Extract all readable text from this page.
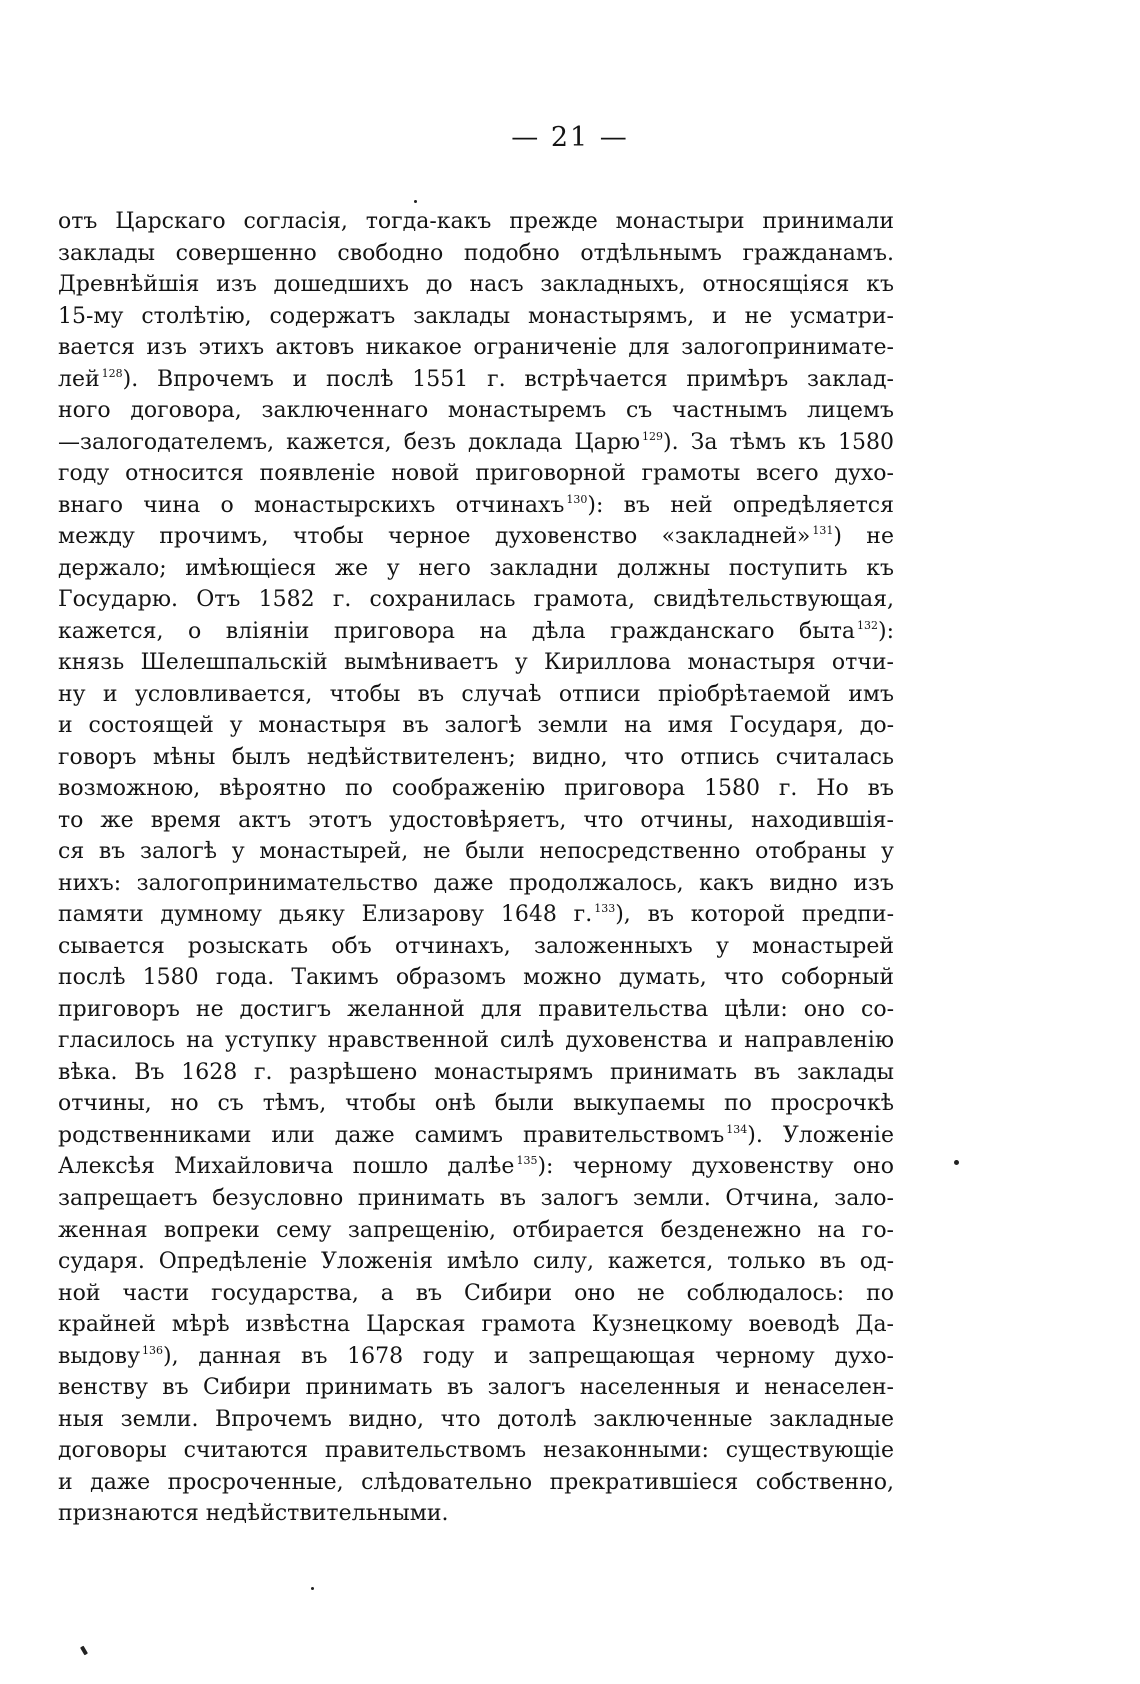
— 21 —
отъ Царскаго согласія, тогда-какъ прежде монастыри принимали
заклады совершенно свободно подобно отдѣльнымъ гражданамъ.
Древнѣйшія изъ дошедшихъ до насъ закладныхъ, относящіяся къ
15-му столѣтію, содержатъ заклады монастырямъ, и не усматри-
вается изъ этихъ актовъ никакое ограниченіе для залогопринимате-
лей $^{128}$). Впрочемъ и послѣ 1551 г. встрѣчается примѣръ заклад-
ного договора, заключеннаго монастыремъ съ частнымъ лицемъ
—залогодателемъ, кажется, безъ доклада Царю $^{129}$). За тѣмъ къ 1580
году относится появленіе новой приговорной грамоты всего духо-
внаго чина о монастырскихъ отчинахъ $^{130}$): въ ней опредѣляется
между прочимъ, чтобы черное духовенство «закладней» $^{131}$) не
держало; имѣющіеся же у него закладни должны поступить къ
Государю. Отъ 1582 г. сохранилась грамота, свидѣтельствующая,
кажется, о вліяніи приговора на дѣла гражданскаго быта $^{132}$):
князь Шелешпальскій вымѣниваетъ у Кириллова монастыря отчи-
ну и условливается, чтобы въ случаѣ отписи пріобрѣтаемой имъ
и состоящей у монастыря въ залогѣ земли на имя Государя, до-
говоръ мѣны былъ недѣйствителенъ; видно, что отпись считалась
возможною, вѣроятно по соображенію приговора 1580 г. Но въ
то же время актъ этотъ удостовѣряетъ, что отчины, находившія-
ся въ залогѣ у монастырей, не были непосредственно отобраны у
нихъ: залогопринимательство даже продолжалось, какъ видно изъ
памяти думному дьяку Елизарову 1648 г. $^{133}$), въ которой предпи-
сывается розыскать объ отчинахъ, заложенныхъ у монастырей
послѣ 1580 года. Такимъ образомъ можно думать, что соборный
приговоръ не достигъ желанной для правительства цѣли: оно со-
гласилось на уступку нравственной силѣ духовенства и направленію
вѣка. Въ 1628 г. разрѣшено монастырямъ принимать въ заклады
отчины, но съ тѣмъ, чтобы онѣ были выкупаемы по просрочкѣ
родственниками или даже самимъ правительствомъ $^{134}$). Уложеніе
Алексѣя Михайловича пошло далѣе $^{135}$): черному духовенству оно
запрещаетъ безусловно принимать въ залогъ земли. Отчина, зало-
женная вопреки сему запрещенію, отбирается безденежно на го-
сударя. Опредѣленіе Уложенія имѣло силу, кажется, только въ од-
ной части государства, а въ Сибири оно не соблюдалось: по
крайней мѣрѣ извѣстна Царская грамота Кузнецкому воеводѣ Да-
выдову $^{136}$), данная въ 1678 году и запрещающая черному духо-
венству въ Сибири принимать въ залогъ населенныя и ненаселен-
ныя земли. Впрочемъ видно, что дотолѣ заключенные закладные
договоры считаются правительствомъ незаконными: существующіе
и даже просроченные, слѣдовательно прекратившіеся собственно,
признаются недѣйствительными.
